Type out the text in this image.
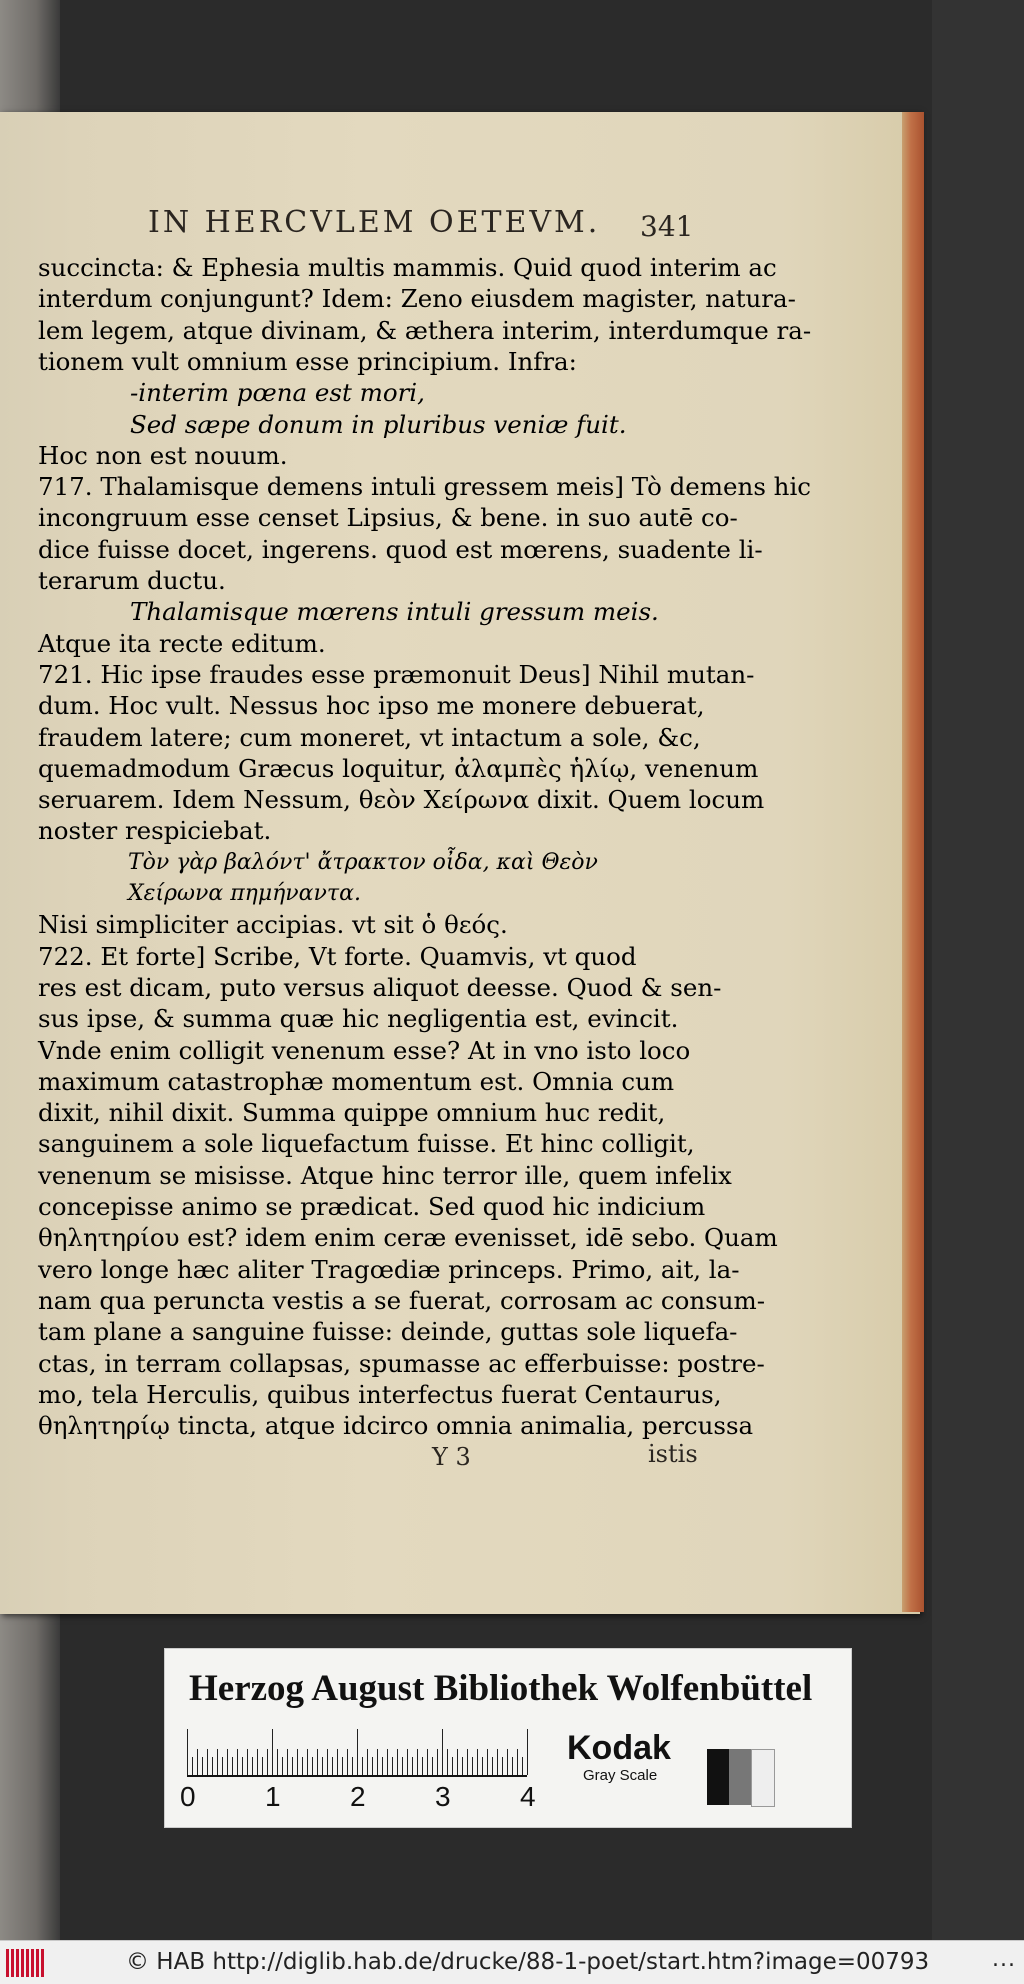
IN HERCVLEM OETEVM. 341
succincta: & Ephesia multis mammis. Quid quod interim ac
interdum conjungunt? Idem: Zeno eiusdem magister, natura-
lem legem, atque divinam, & æthera interim, interdumque ra-
tionem vult omnium esse principium. Infra:
-interim pœna est mori,
Sed sæpe donum in pluribus veniæ fuit.
Hoc non est nouum.
717. Thalamisque demens intuli gressem meis] Tò demens hic
incongruum esse censet Lipsius, & bene. in suo autē co-
dice fuisse docet, ingerens. quod est mœrens, suadente li-
terarum ductu.
Thalamisque mœrens intuli gressum meis.
Atque ita recte editum.
721. Hic ipse fraudes esse præmonuit Deus] Nihil mutan-
dum. Hoc vult. Nessus hoc ipso me monere debuerat,
fraudem latere; cum moneret, vt intactum a sole, &c,
quemadmodum Græcus loquitur, ἀλαμπὲς ἡλίῳ, venenum
seruarem. Idem Nessum, θεὸν Χείρωνα dixit. Quem locum
noster respiciebat.
Τὸν γὰρ βαλόντ' ἄτρακτον οἶδα, καὶ Θεὸν
Χείρωνα πημήναντα.
Nisi simpliciter accipias. vt sit ὁ θεός.
722. Et forte] Scribe, Vt forte. Quamvis, vt quod
res est dicam, puto versus aliquot deesse. Quod & sen-
sus ipse, & summa quæ hic negligentia est, evincit.
Vnde enim colligit venenum esse? At in vno isto loco
maximum catastrophæ momentum est. Omnia cum
dixit, nihil dixit. Summa quippe omnium huc redit,
sanguinem a sole liquefactum fuisse. Et hinc colligit,
venenum se misisse. Atque hinc terror ille, quem infelix
concepisse animo se prædicat. Sed quod hic indicium
θηλητηρίου est? idem enim ceræ evenisset, idē sebo. Quam
vero longe hæc aliter Tragœdiæ princeps. Primo, ait, la-
nam qua perunctа vestis a se fuerat, corrosam ac consum-
tam plane a sanguine fuisse: deinde, guttas sole liquefa-
ctas, in terram collapsas, spumasse ac efferbuisse: postre-
mo, tela Herculis, quibus interfectus fuerat Centaurus,
θηλητηρίῳ tincta, atque idcirco omnia animalia, percussa
Y 3	istis
Herzog August Bibliothek Wolfenbüttel
0 1 2 3 4
Kodak
Gray Scale
© HAB http://diglib.hab.de/drucke/88-1-poet/start.htm?image=00793	...
